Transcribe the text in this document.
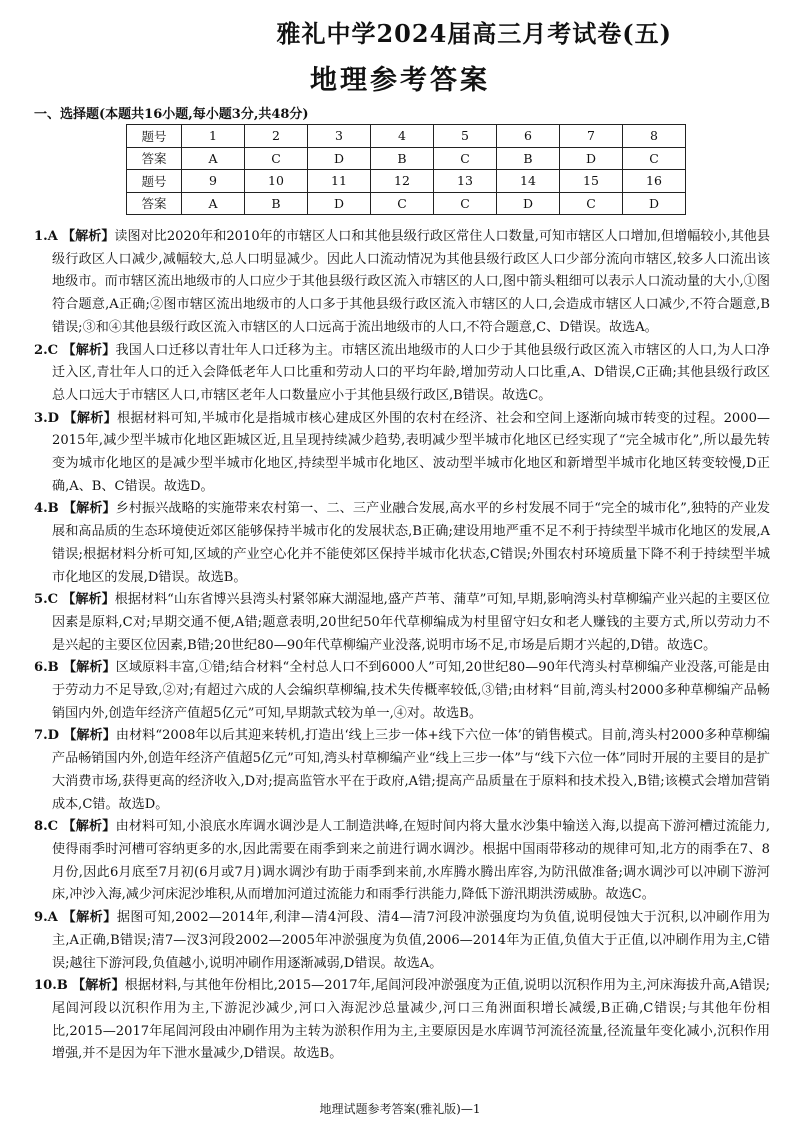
雅礼中学2024届高三月考试卷(五)
地理参考答案
一、选择题(本题共16小题,每小题3分,共48分)
题号	1	2	3	4	5	6	7	8
答案	A	C	D	B	C	B	D	C
题号	9	10	11	12	13	14	15	16
答案	A	B	D	C	C	D	C	D

1.A 【解析】读图对比2020年和2010年的市辖区人口和其他县级行政区常住人口数量,可知市辖区人口增加,但增幅较小,其他县级行政区人口减少,减幅较大,总人口明显减少。因此人口流动情况为其他县级行政区人口少部分流向市辖区,较多人口流出该地级市。而市辖区流出地级市的人口应少于其他县级行政区流入市辖区的人口,图中箭头粗细可以表示人口流动量的大小,①图符合题意,A正确;②图市辖区流出地级市的人口多于其他县级行政区流入市辖区的人口,会造成市辖区人口减少,不符合题意,B错误;③和④其他县级行政区流入市辖区的人口远高于流出地级市的人口,不符合题意,C、D错误。故选A。

2.C 【解析】我国人口迁移以青壮年人口迁移为主。市辖区流出地级市的人口少于其他县级行政区流入市辖区的人口,为人口净迁入区,青壮年人口的迁入会降低老年人口比重和劳动人口的平均年龄,增加劳动人口比重,A、D错误,C正确;其他县级行政区总人口远大于市辖区人口,市辖区老年人口数量应小于其他县级行政区,B错误。故选C。

3.D 【解析】根据材料可知,半城市化是指城市核心建成区外围的农村在经济、社会和空间上逐渐向城市转变的过程。2000—2015年,减少型半城市化地区距城区近,且呈现持续减少趋势,表明减少型半城市化地区已经实现了“完全城市化”,所以最先转变为城市化地区的是减少型半城市化地区,持续型半城市化地区、波动型半城市化地区和新增型半城市化地区转变较慢,D正确,A、B、C错误。故选D。

4.B 【解析】乡村振兴战略的实施带来农村第一、二、三产业融合发展,高水平的乡村发展不同于“完全的城市化”,独特的产业发展和高品质的生态环境使近郊区能够保持半城市化的发展状态,B正确;建设用地严重不足不利于持续型半城市化地区的发展,A错误;根据材料分析可知,区域的产业空心化并不能使郊区保持半城市化状态,C错误;外围农村环境质量下降不利于持续型半城市化地区的发展,D错误。故选B。

5.C 【解析】根据材料“山东省博兴县湾头村紧邻麻大湖湿地,盛产芦苇、蒲草”可知,早期,影响湾头村草柳编产业兴起的主要区位因素是原料,C对;早期交通不便,A错;题意表明,20世纪50年代草柳编成为村里留守妇女和老人赚钱的主要方式,所以劳动力不是兴起的主要区位因素,B错;20世纪80—90年代草柳编产业没落,说明市场不足,市场是后期才兴起的,D错。故选C。

6.B 【解析】区域原料丰富,①错;结合材料“全村总人口不到6000人”可知,20世纪80—90年代湾头村草柳编产业没落,可能是由于劳动力不足导致,②对;有超过六成的人会编织草柳编,技术失传概率较低,③错;由材料“目前,湾头村2000多种草柳编产品畅销国内外,创造年经济产值超5亿元”可知,早期款式较为单一,④对。故选B。

7.D 【解析】由材料“2008年以后其迎来转机,打造出‘线上三步一体+线下六位一体’的销售模式。目前,湾头村2000多种草柳编产品畅销国内外,创造年经济产值超5亿元”可知,湾头村草柳编产业“线上三步一体”与“线下六位一体”同时开展的主要目的是扩大消费市场,获得更高的经济收入,D对;提高监管水平在于政府,A错;提高产品质量在于原料和技术投入,B错;该模式会增加营销成本,C错。故选D。

8.C 【解析】由材料可知,小浪底水库调水调沙是人工制造洪峰,在短时间内将大量水沙集中输送入海,以提高下游河槽过流能力,使得雨季时河槽可容纳更多的水,因此需要在雨季到来之前进行调水调沙。根据中国雨带移动的规律可知,北方的雨季在7、8月份,因此6月底至7月初(6月或7月)调水调沙有助于雨季到来前,水库腾水腾出库容,为防汛做准备;调水调沙可以冲刷下游河床,冲沙入海,减少河床泥沙堆积,从而增加河道过流能力和雨季行洪能力,降低下游汛期洪涝威胁。故选C。

9.A 【解析】据图可知,2002—2014年,利津—清4河段、清4—清7河段冲淤强度均为负值,说明侵蚀大于沉积,以冲刷作用为主,A正确,B错误;清7—汊3河段2002—2005年冲淤强度为负值,2006—2014年为正值,负值大于正值,以冲刷作用为主,C错误;越往下游河段,负值越小,说明冲刷作用逐渐减弱,D错误。故选A。

10.B 【解析】根据材料,与其他年份相比,2015—2017年,尾闾河段冲淤强度为正值,说明以沉积作用为主,河床海拔升高,A错误;尾闾河段以沉积作用为主,下游泥沙减少,河口入海泥沙总量减少,河口三角洲面积增长减缓,B正确,C错误;与其他年份相比,2015—2017年尾闾河段由冲刷作用为主转为淤积作用为主,主要原因是水库调节河流径流量,径流量年变化减小,沉积作用增强,并不是因为年下泄水量减少,D错误。故选B。

地理试题参考答案(雅礼版)—1
